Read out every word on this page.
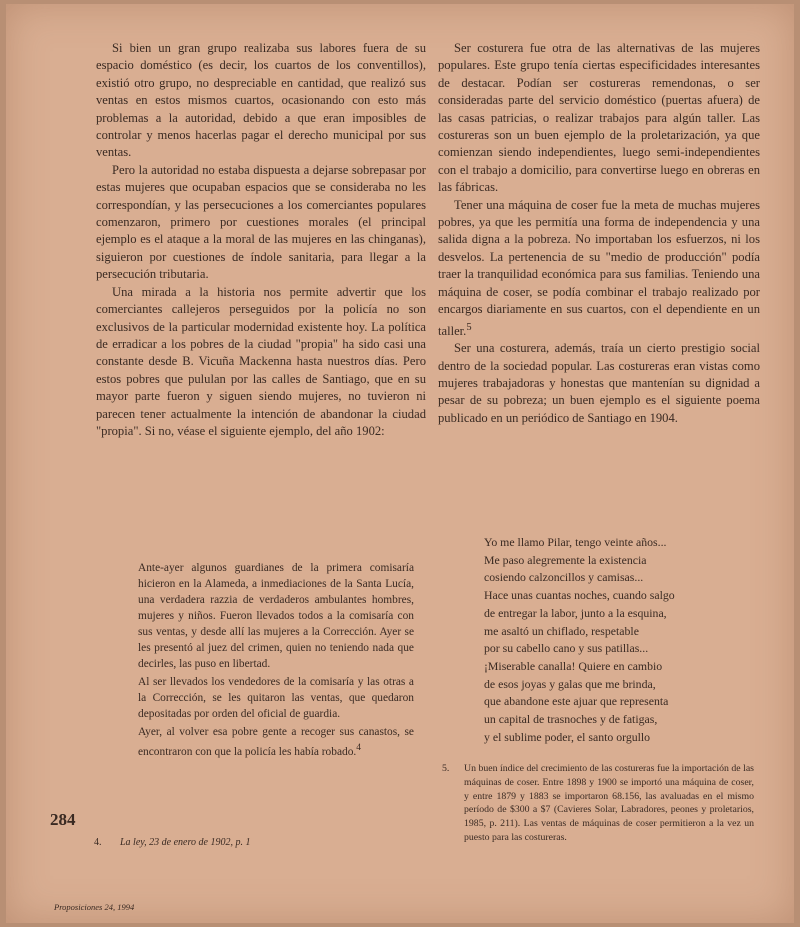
Si bien un gran grupo realizaba sus labores fuera de su espacio doméstico (es decir, los cuartos de los conventillos), existió otro grupo, no despreciable en cantidad, que realizó sus ventas en estos mismos cuartos, ocasionando con esto más problemas a la autoridad, debido a que eran imposibles de controlar y menos hacerlas pagar el derecho municipal por sus ventas.

Pero la autoridad no estaba dispuesta a dejarse sobrepasar por estas mujeres que ocupaban espacios que se consideraba no les correspondían, y las persecuciones a los comerciantes populares comenzaron, primero por cuestiones morales (el principal ejemplo es el ataque a la moral de las mujeres en las chinganas), siguieron por cuestiones de índole sanitaria, para llegar a la persecución tributaria.

Una mirada a la historia nos permite advertir que los comerciantes callejeros perseguidos por la policía no son exclusivos de la particular modernidad existente hoy. La política de erradicar a los pobres de la ciudad "propia" ha sido casi una constante desde B. Vicuña Mackenna hasta nuestros días. Pero estos pobres que pululan por las calles de Santiago, que en su mayor parte fueron y siguen siendo mujeres, no tuvieron ni parecen tener actualmente la intención de abandonar la ciudad "propia". Si no, véase el siguiente ejemplo, del año 1902:

Ser costurera fue otra de las alternativas de las mujeres populares. Este grupo tenía ciertas especificidades interesantes de destacar. Podían ser costureras remendonas, o ser consideradas parte del servicio doméstico (puertas afuera) de las casas patricias, o realizar trabajos para algún taller. Las costureras son un buen ejemplo de la proletarización, ya que comienzan siendo independientes, luego semi-independientes con el trabajo a domicilio, para convertirse luego en obreras en las fábricas.

Tener una máquina de coser fue la meta de muchas mujeres pobres, ya que les permitía una forma de independencia y una salida digna a la pobreza. No importaban los esfuerzos, ni los desvelos. La pertenencia de su "medio de producción" podía traer la tranquilidad económica para sus familias. Teniendo una máquina de coser, se podía combinar el trabajo realizado por encargos diariamente en sus cuartos, con el dependiente en un taller.$^5$

Ser una costurera, además, traía un cierto prestigio social dentro de la sociedad popular. Las costureras eran vistas como mujeres trabajadoras y honestas que mantenían su dignidad a pesar de su pobreza; un buen ejemplo es el siguiente poema publicado en un periódico de Santiago en 1904.

Ante-ayer algunos guardianes de la primera comisaría hicieron en la Alameda, a inmediaciones de la Santa Lucía, una verdadera razzia de verdaderos ambulantes hombres, mujeres y niños. Fueron llevados todos a la comisaría con sus ventas, y desde allí las mujeres a la Corrección. Ayer se les presentó al juez del crimen, quien no teniendo nada que decirles, las puso en libertad.

Al ser llevados los vendedores de la comisaría y las otras a la Corrección, se les quitaron las ventas, que quedaron depositadas por orden del oficial de guardia.

Ayer, al volver esa pobre gente a recoger sus canastos, se encontraron con que la policía les había robado.$^4$

Yo me llamo Pilar, tengo veinte años...
Me paso alegremente la existencia
cosiendo calzoncillos y camisas...
Hace unas cuantas noches, cuando salgo
de entregar la labor, junto a la esquina,
me asaltó un chiflado, respetable
por su cabello cano y sus patillas...
¡Miserable canalla! Quiere en cambio
de esos joyas y galas que me brinda,
que abandone este ajuar que representa
un capital de trasnoches y de fatigas,
y el sublime poder, el santo orgullo
5. Un buen índice del crecimiento de las costureras fue la importación de las máquinas de coser. Entre 1898 y 1900 se importó una máquina de coser, y entre 1879 y 1883 se importaron 68.156, las avaluadas en el mismo período de $300 a $7 (Cavieres Solar, Labradores, peones y proletarios, 1985, p. 211). Las ventas de máquinas de coser permitieron a la vez un puesto para las costureras.
284
4. La ley, 23 de enero de 1902, p. 1
Proposiciones 24, 1994
